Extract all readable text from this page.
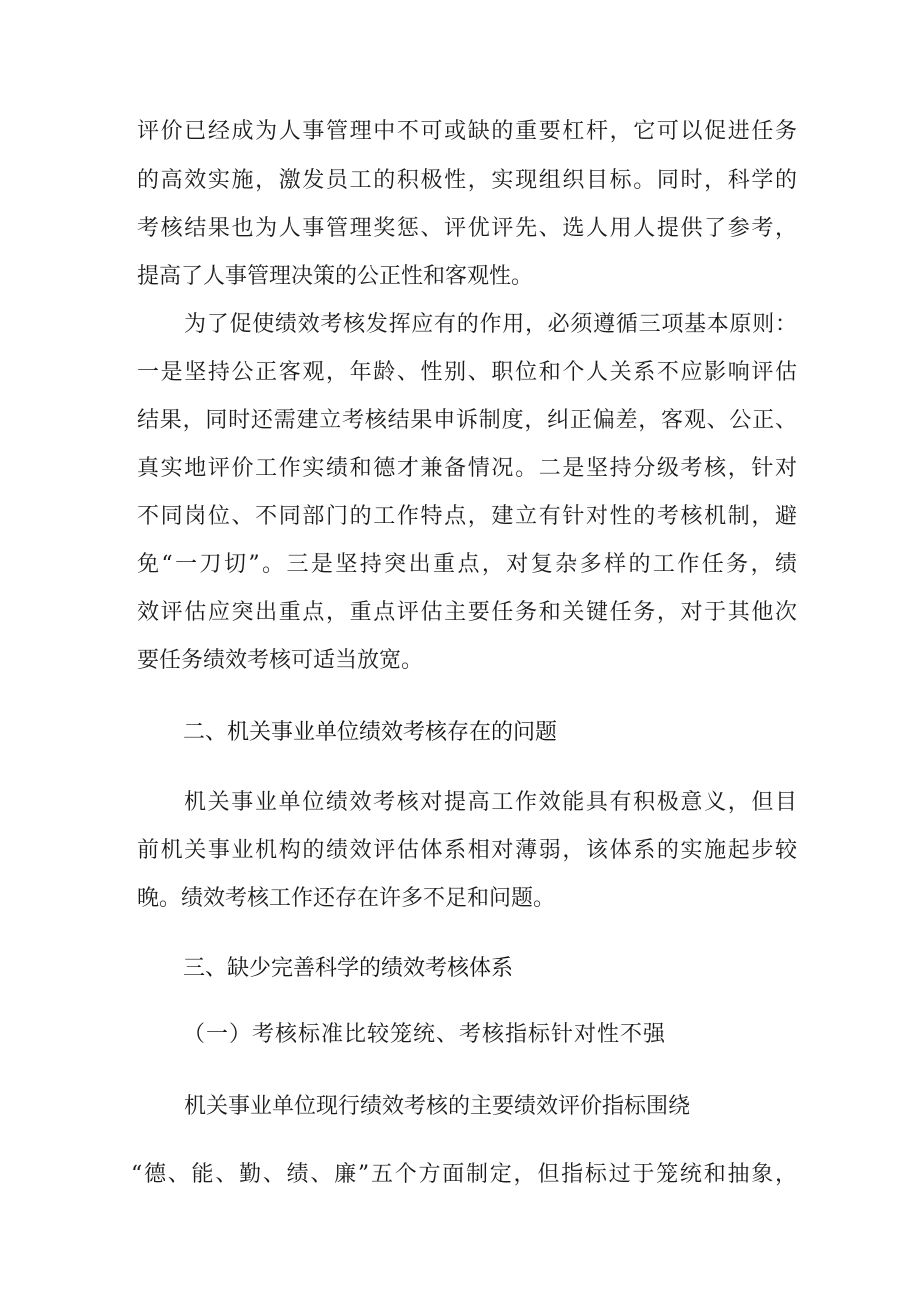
评价已经成为人事管理中不可或缺的重要杠杆，它可以促进任务
的高效实施，激发员工的积极性，实现组织目标。同时，科学的
考核结果也为人事管理奖惩、评优评先、选人用人提供了参考，
提高了人事管理决策的公正性和客观性。
为了促使绩效考核发挥应有的作用，必须遵循三项基本原则：
一是坚持公正客观，年龄、性别、职位和个人关系不应影响评估
结果，同时还需建立考核结果申诉制度，纠正偏差，客观、公正、
真实地评价工作实绩和德才兼备情况。二是坚持分级考核，针对
不同岗位、不同部门的工作特点，建立有针对性的考核机制，避
免“一刀切”。三是坚持突出重点，对复杂多样的工作任务，绩
效评估应突出重点，重点评估主要任务和关键任务，对于其他次
要任务绩效考核可适当放宽。
二、机关事业单位绩效考核存在的问题
机关事业单位绩效考核对提高工作效能具有积极意义，但目
前机关事业机构的绩效评估体系相对薄弱，该体系的实施起步较
晚。绩效考核工作还存在许多不足和问题。
三、缺少完善科学的绩效考核体系
（一）考核标准比较笼统、考核指标针对性不强
机关事业单位现行绩效考核的主要绩效评价指标围绕
“德、能、勤、绩、廉”五个方面制定，但指标过于笼统和抽象，
